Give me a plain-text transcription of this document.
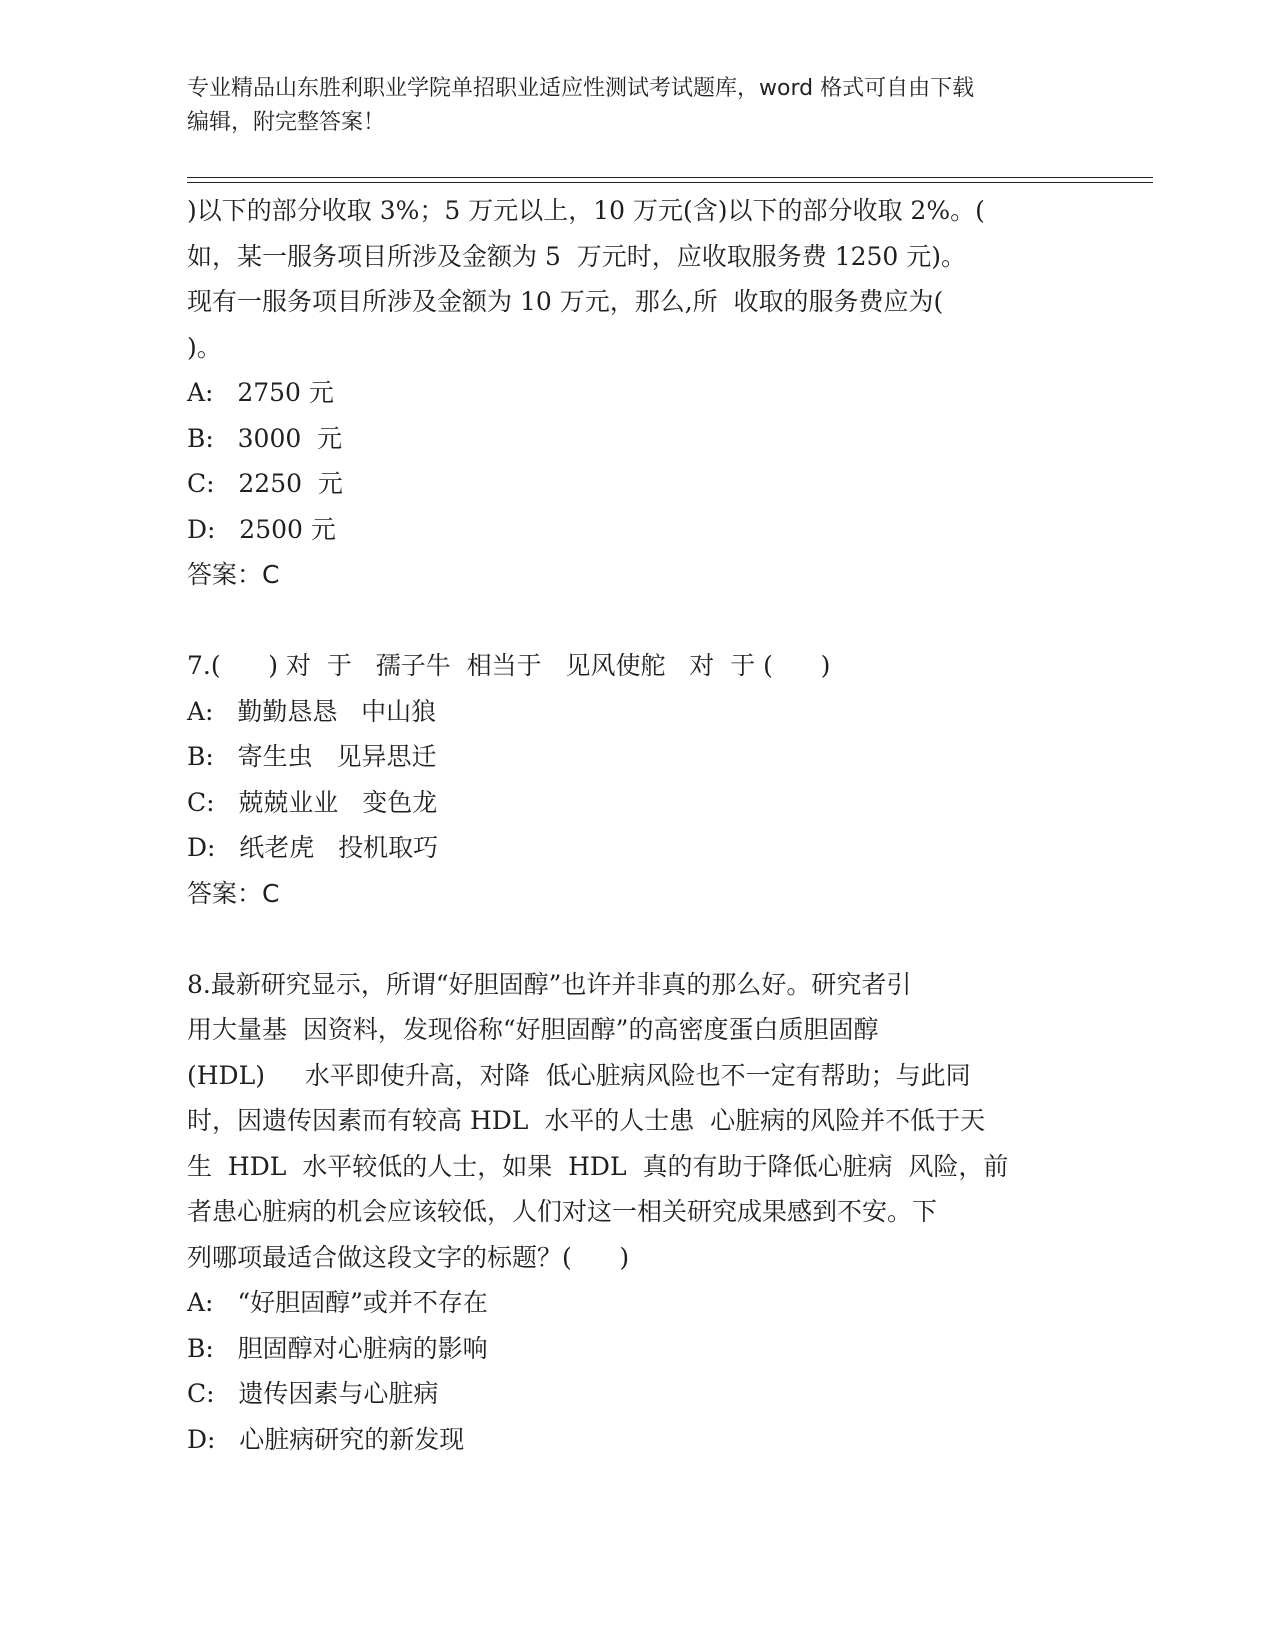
专业精品山东胜利职业学院单招职业适应性测试考试题库，word 格式可自由下载
编辑，附完整答案！
)以下的部分收取 3%；5 万元以上，10 万元(含)以下的部分收取 2%。(
如，某一服务项目所涉及金额为 5  万元时，应收取服务费 1250 元)。
现有一服务项目所涉及金额为 10 万元，那么,所  收取的服务费应为(
)。
A:   2750 元
B:   3000  元
C:   2250  元
D:   2500 元
答案：C
7.(      ) 对  于   孺子牛  相当于   见风使舵   对  于 (      )
A:   勤勤恳恳   中山狼
B:   寄生虫   见异思迁
C:   兢兢业业   变色龙
D:   纸老虎   投机取巧
答案：C
8.最新研究显示，所谓“好胆固醇”也许并非真的那么好。研究者引
用大量基  因资料，发现俗称“好胆固醇”的高密度蛋白质胆固醇
(HDL)     水平即使升高，对降  低心脏病风险也不一定有帮助；与此同
时，因遗传因素而有较高 HDL  水平的人士患  心脏病的风险并不低于天
生  HDL  水平较低的人士，如果  HDL  真的有助于降低心脏病  风险，前
者患心脏病的机会应该较低，人们对这一相关研究成果感到不安。下
列哪项最适合做这段文字的标题？(      )
A:   “好胆固醇”或并不存在
B:   胆固醇对心脏病的影响
C:   遗传因素与心脏病
D:   心脏病研究的新发现
